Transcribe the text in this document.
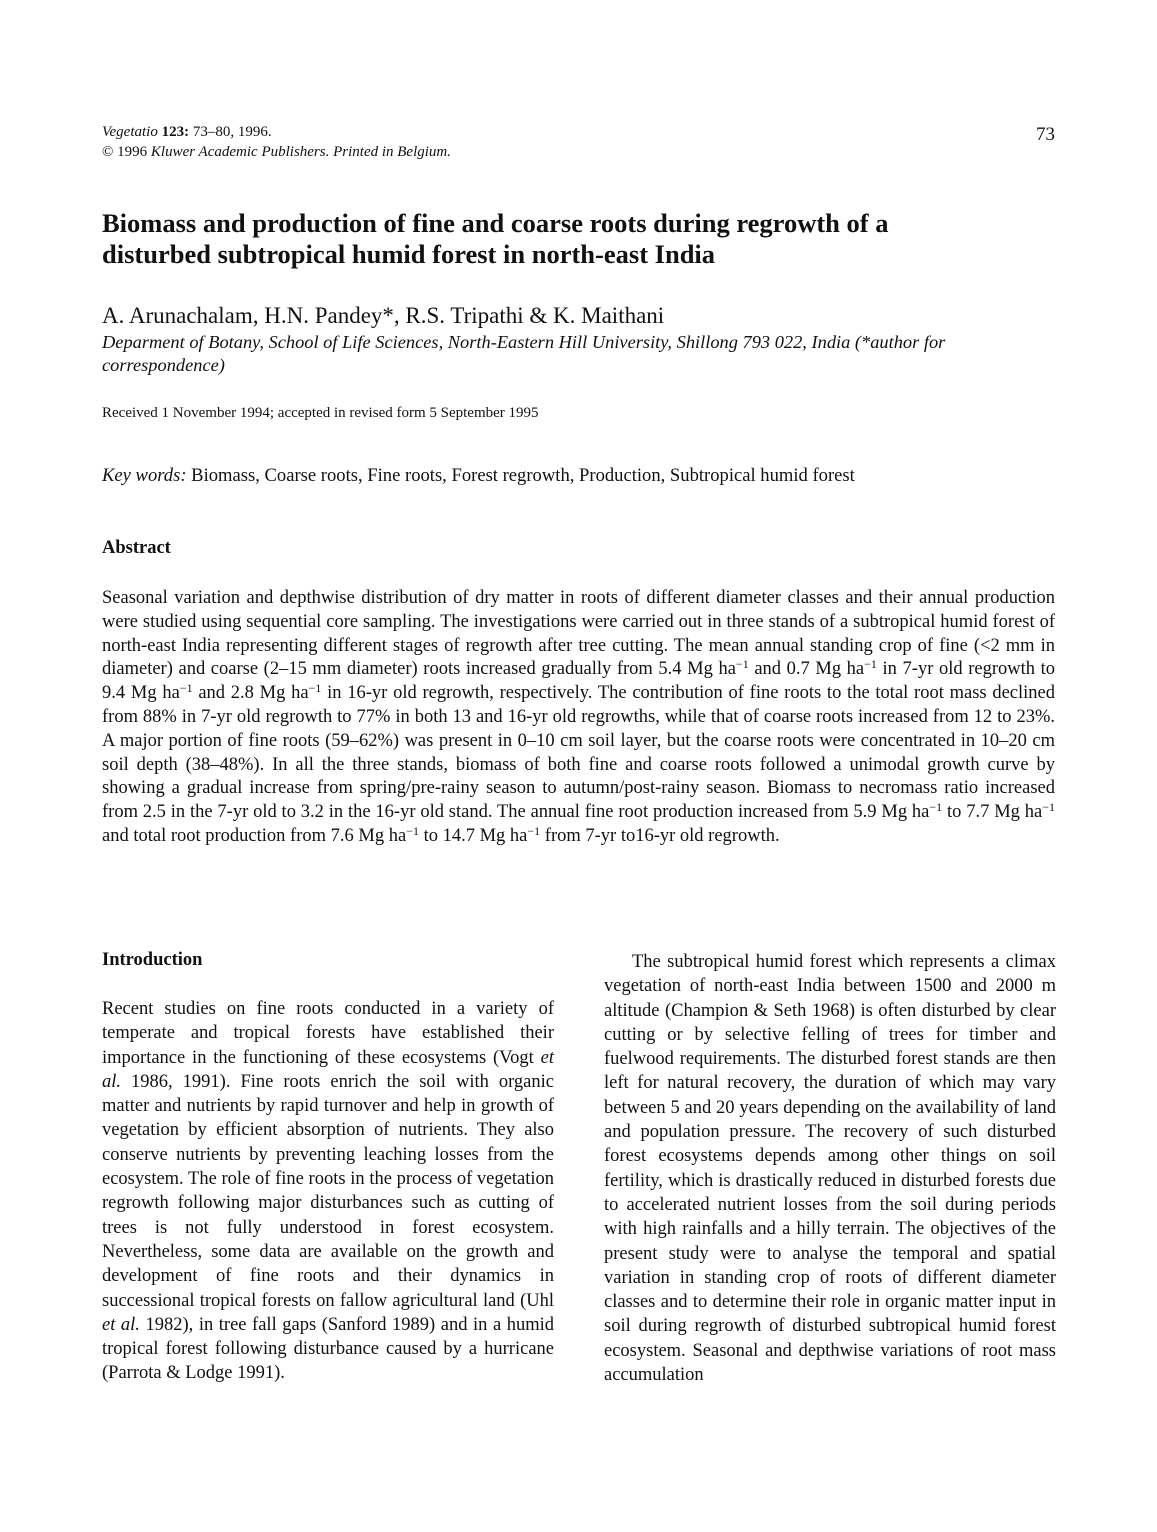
Vegetatio 123: 73–80, 1996.
© 1996 Kluwer Academic Publishers. Printed in Belgium.
73
Biomass and production of fine and coarse roots during regrowth of a
disturbed subtropical humid forest in north-east India
A. Arunachalam, H.N. Pandey*, R.S. Tripathi & K. Maithani
Deparment of Botany, School of Life Sciences, North-Eastern Hill University, Shillong 793 022, India (*author for correspondence)
Received 1 November 1994; accepted in revised form 5 September 1995
Key words: Biomass, Coarse roots, Fine roots, Forest regrowth, Production, Subtropical humid forest
Abstract
Seasonal variation and depthwise distribution of dry matter in roots of different diameter classes and their annual production were studied using sequential core sampling. The investigations were carried out in three stands of a subtropical humid forest of north-east India representing different stages of regrowth after tree cutting. The mean annual standing crop of fine (<2 mm in diameter) and coarse (2–15 mm diameter) roots increased gradually from 5.4 Mg $ha^{-1}$ and 0.7 Mg $ha^{-1}$ in 7-yr old regrowth to 9.4 Mg $ha^{-1}$ and 2.8 Mg $ha^{-1}$ in 16-yr old regrowth, respectively. The contribution of fine roots to the total root mass declined from 88% in 7-yr old regrowth to 77% in both 13 and 16-yr old regrowths, while that of coarse roots increased from 12 to 23%. A major portion of fine roots (59–62%) was present in 0–10 cm soil layer, but the coarse roots were concentrated in 10–20 cm soil depth (38–48%). In all the three stands, biomass of both fine and coarse roots followed a unimodal growth curve by showing a gradual increase from spring/pre-rainy season to autumn/post-rainy season. Biomass to necromass ratio increased from 2.5 in the 7-yr old to 3.2 in the 16-yr old stand. The annual fine root production increased from 5.9 Mg $ha^{-1}$ to 7.7 Mg $ha^{-1}$ and total root production from 7.6 Mg $ha^{-1}$ to 14.7 Mg $ha^{-1}$ from 7-yr to16-yr old regrowth.
Introduction

Recent studies on fine roots conducted in a variety of temperate and tropical forests have established their importance in the functioning of these ecosystems (Vogt et al. 1986, 1991). Fine roots enrich the soil with organic matter and nutrients by rapid turnover and help in growth of vegetation by efficient absorption of nutrients. They also conserve nutrients by preventing leaching losses from the ecosystem. The role of fine roots in the process of vegetation regrowth following major disturbances such as cutting of trees is not fully understood in forest ecosystem. Nevertheless, some data are available on the growth and development of fine roots and their dynamics in successional tropical forests on fallow agricultural land (Uhl et al. 1982), in tree fall gaps (Sanford 1989) and in a humid tropical forest following disturbance caused by a hurricane (Parrota & Lodge 1991).

The subtropical humid forest which represents a climax vegetation of north-east India between 1500 and 2000 m altitude (Champion & Seth 1968) is often disturbed by clear cutting or by selective felling of trees for timber and fuelwood requirements. The disturbed forest stands are then left for natural recovery, the duration of which may vary between 5 and 20 years depending on the availability of land and population pressure. The recovery of such disturbed forest ecosystems depends among other things on soil fertility, which is drastically reduced in disturbed forests due to accelerated nutrient losses from the soil during periods with high rainfalls and a hilly terrain. The objectives of the present study were to analyse the temporal and spatial variation in standing crop of roots of different diameter classes and to determine their role in organic matter input in soil during regrowth of disturbed subtropical humid forest ecosystem. Seasonal and depthwise variations of root mass accumulation
